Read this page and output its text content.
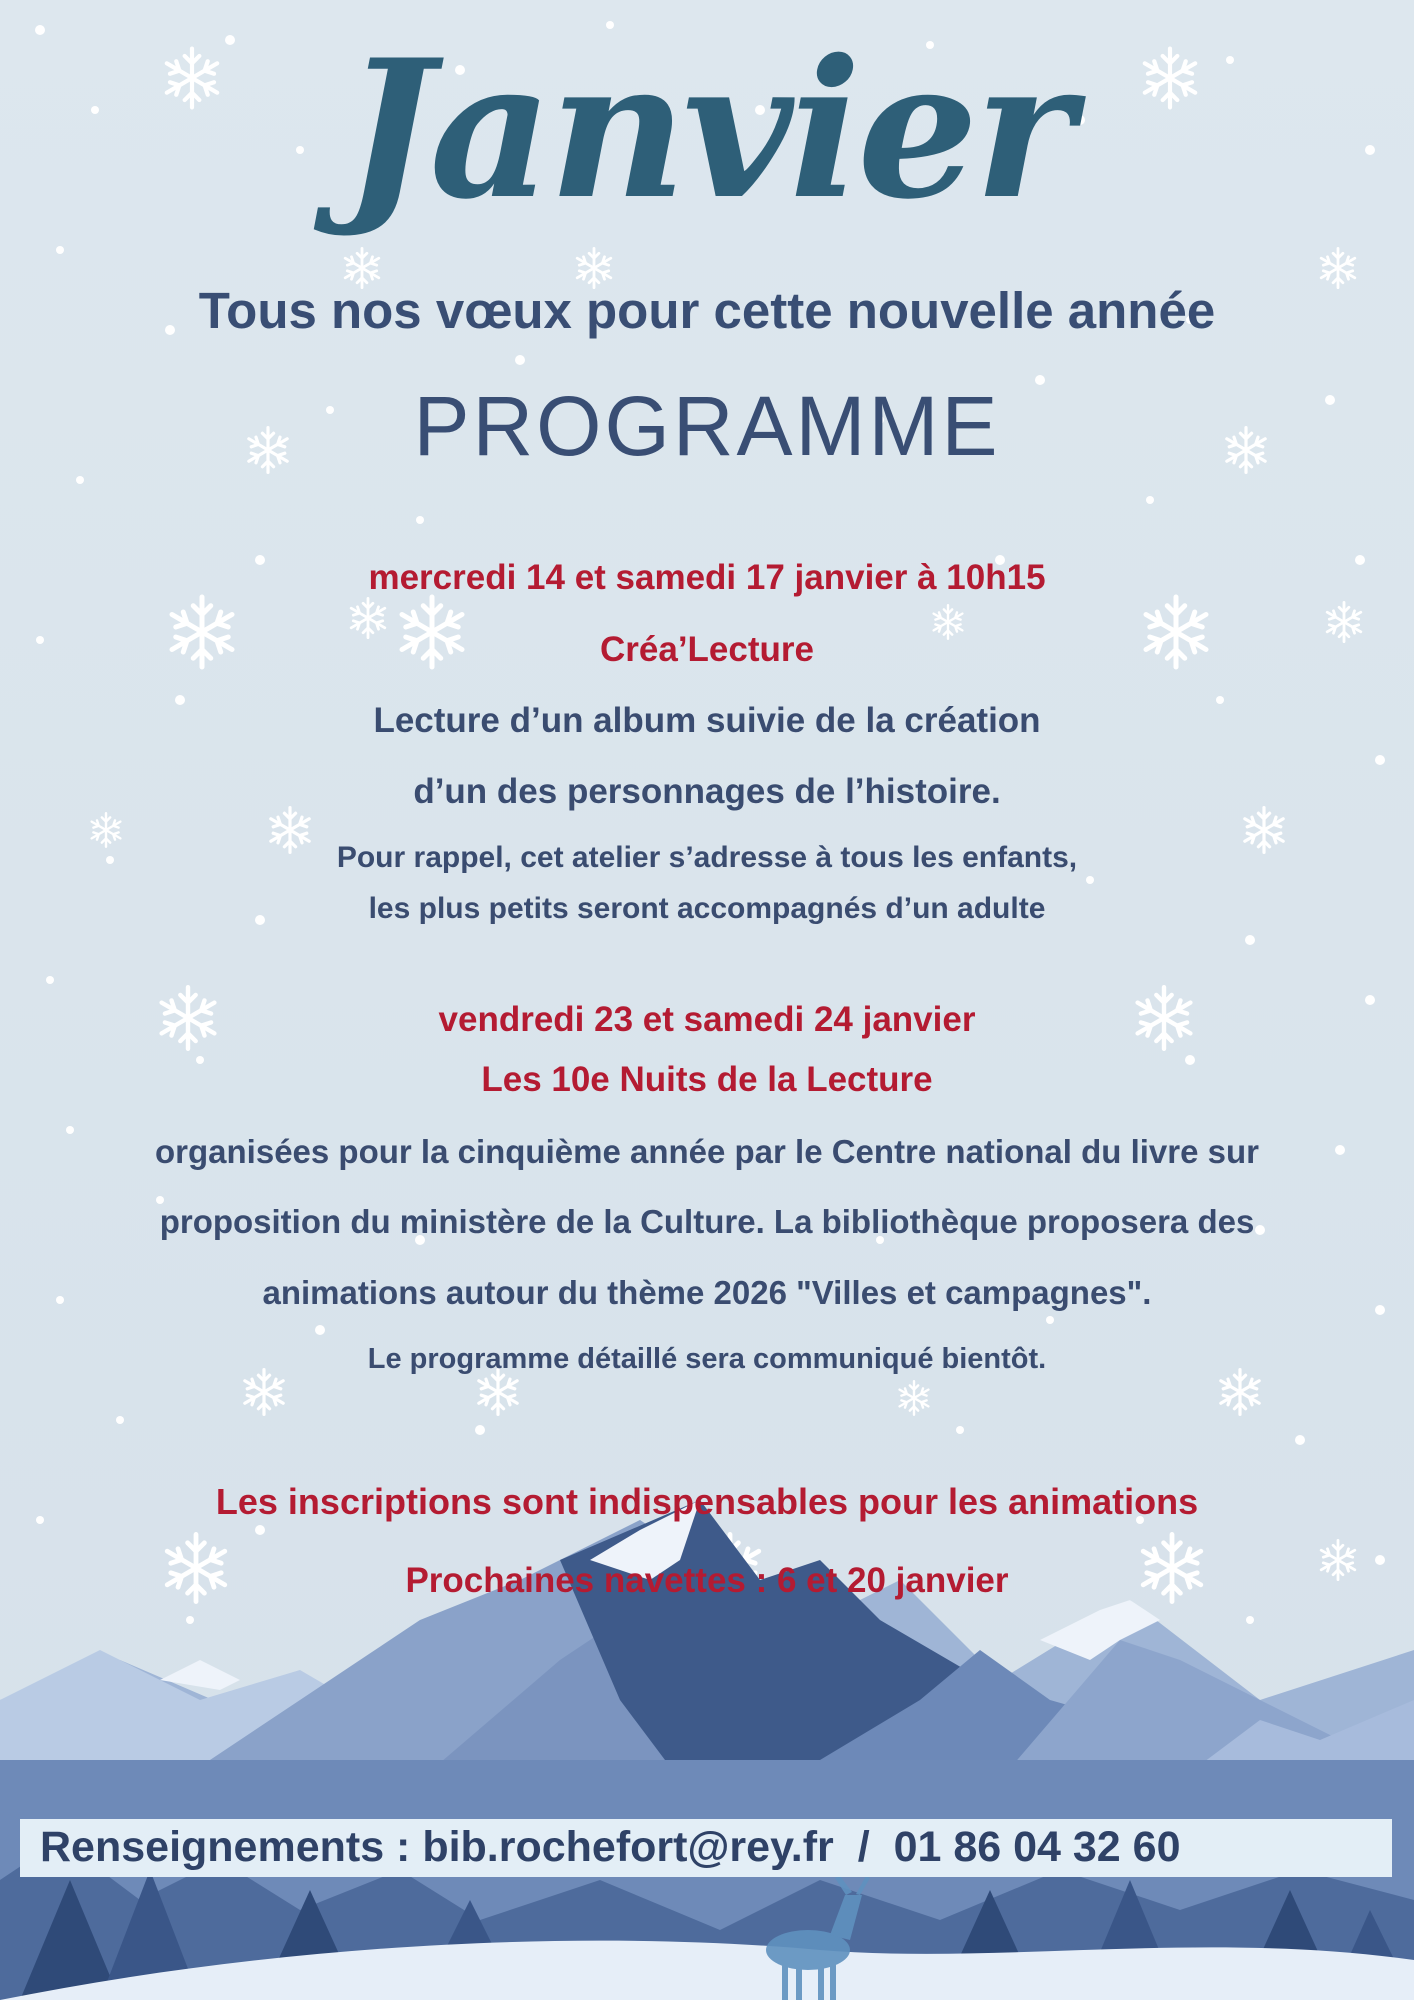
Janvier
Tous nos vœux pour cette nouvelle année
PROGRAMME
mercredi 14 et samedi 17 janvier à 10h15
Créa’Lecture
Lecture d’un album suivie de la création
d’un des personnages de l’histoire.
Pour rappel, cet atelier s’adresse à tous les enfants,
les plus petits seront accompagnés d’un adulte
vendredi 23 et samedi 24 janvier
Les 10e Nuits de la Lecture
organisées pour la cinquième année par le Centre national du livre sur
proposition du ministère de la Culture. La bibliothèque proposera des
animations autour du thème 2026 "Villes et campagnes".
Le programme détaillé sera communiqué bientôt.
Les inscriptions sont indispensables pour les animations
Prochaines navettes : 6 et 20 janvier
Renseignements : bib.rochefort@rey.fr / 01 86 04 32 60
